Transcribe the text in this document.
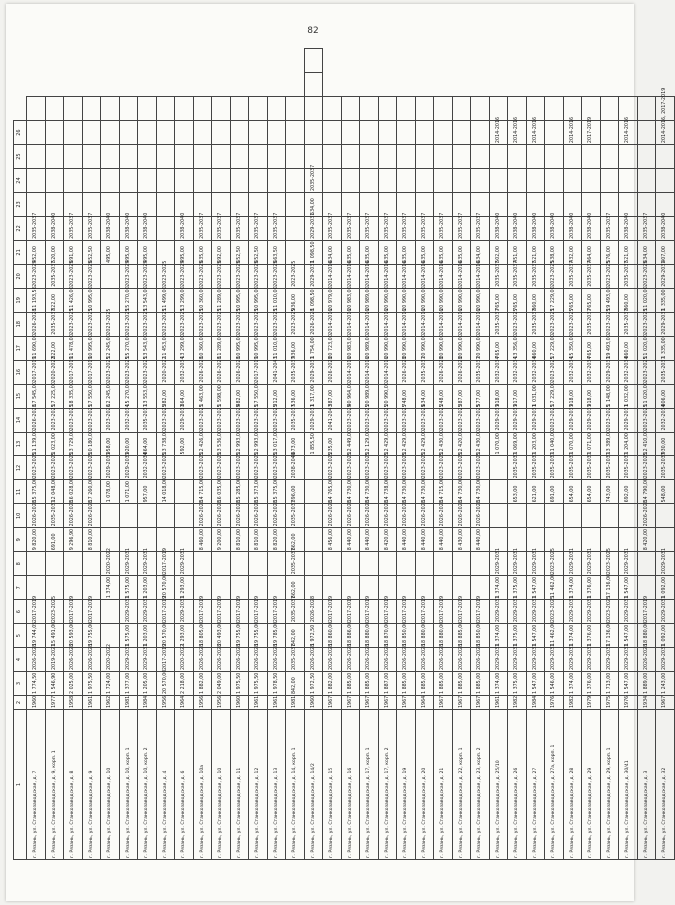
82
1	2	3	4	5	6	7	8	9	10	11	12	13	14	15	16	17	18	19	20	21	22	23	24	25	26			
г. Рязань, ул. Станкозаводская, д. 7	1960	1 774,50	2026-2028	19 744,05	2017-2019			9 820,00	2026-2028	15 375,00	2023-2025	11 139,00	2026-2028	17 545,00	2017-2019	11 690,00	2026-2028	11 193,56	2023-2025	452,00	2035-2037							
г. Рязань, ул. Станкозаводская, д. 9, корп. 1	1977	1 546,90	2019-2021	15 491,00	2023-2025			691,00	2035-2037	12 048,00	2023-2025	1 023,00	2023-2025	17 225,00	2020-2022	822,00	2035-2037	822,00	2035-2037	520,00	2038-2040							
г. Рязань, ул. Станкозаводская, д. 8	1958	2 025,00	2026-2028	20 593,00	2017-2019			9 296,90	2026-2028	16 028,00	2023-2025	13 729,00	2023-2025	18 335,00	2017-2019	11 478,00	2023-2025	11 426,00	2023-2025	691,00	2035-2037							
г. Рязань, ул. Станкозаводская, д. 9	1961	1 975,50	2026-2028	19 755,00	2017-2019			8 810,00	2026-2028	17 260,00	2023-2025	10 180,00	2023-2025	17 550,00	2017-2019	10 995,00	2023-2025	10 995,00	2023-2025	652,50	2035-2037							
г. Рязань, ул. Станкозаводская, д. 10	1962	1 724,00	2020-2022			1 374,00	2020-2022			1 078,00	2029-2031	958,00	2023-2026	12 245,00	2023-2025	12 245,00	2023-2025			495,00	2038-2040							
г. Рязань, ул. Станкозаводская, д. 10, корп. 1	1981	1 377,00	2029-2031	1 575,00	2029-2031	1 575,00	2029-2031			1 071,00	2029-2031	920,00	2032-2034	15 270,00	2023-2025	15 270,00	2023-2025	15 270,00	2023-2025	495,00	2038-2040							
г. Рязань, ул. Станкозаводская, д. 10, корп. 2	1984	1 205,00	2029-2031	1 203,00	2029-2031	1 203,00	2029-2031			957,00	2032-2034	864,00	2035-2037	13 553,00	2023-2025	13 543,00	2023-2025	13 543,00	2023-2025	495,00	2038-2040							
г. Рязань, ул. Станкозаводская, д. 4	1956	20 570,00	2017-2019	20 570,00	2017-2019	20 570,00	2017-2019			14 018,00	2023-2025	13 738,00	2023-2025	382,00	2020-2022	11 453,00	2023-2025	11 499,00	2023-2025									
г. Рязань, ул. Станкозаводская, д. 6	1964	2 218,00	2020-2022	1 293,00	2029-2031	1 293,00	2029-2031					592,00	2029-2031	864,00	2032-2034	13 299,00	2023-2025	13 299,00	2023-2025	495,00	2038-2040							
г. Рязань, ул. Станкозаводская, д. 10а	1956	1 882,00	2026-2028	18 805,00	2017-2019			8 460,00	2026-2028	14 715,00	2023-2025	12 426,00	2023-2025	1 463,00	2026-2028	10 360,00	2023-2025	10 360,00	2023-2025	635,00	2035-2037							
г. Рязань, ул. Станкозаводская, д. 10	1956	2 049,00	2026-2028	20 493,00	2017-2019			9 200,00	2026-2028	16 035,00	2023-2025	13 536,00	2023-2025	1 598,00	2026-2028	11 289,00	2023-2025	11 289,00	2023-2025	692,00	2035-2037							
г. Рязань, ул. Станкозаводская, д. 11	1960	1 975,50	2026-2028	19 755,00	2017-2019			8 810,00	2026-2028	15 285,00	2023-2025	12 993,00	2023-2025	482,00	2026-2028	10 995,00	2023-2025	10 995,00	2023-2025	652,50	2035-2037							
г. Рязань, ул. Станкозаводская, д. 12	1961	1 975,50	2026-2028	19 755,00	2017-2019			8 810,00	2026-2028	15 373,00	2023-2025	12 993,00	2023-2025	17 550,00	2017-2019	10 995,00	2023-2025	10 995,00	2023-2025	652,50	2035-2037							
г. Рязань, ул. Станкозаводская, д. 13	1961	1 978,50	2026-2028	19 785,00	2017-2019			8 820,00	2026-2028	15 375,00	2023-2025	13 017,00	2023-2025	312,00	2041-2043	11 010,00	2023-2025	11 010,00	2023-2025	663,50	2035-2037							
г. Рязань, ул. Станкозаводская, д. 14, корп. 1	1981	842,00	2035-2037	842,00	2035-2037	862,00	2035-2037	862,00	2035-2037	396,00	2038-2040	673,00	2035-2037	536,00	2035-2037	936,00	2023-2025	936,00	2023-2025									
г. Рязань, ул. Станкозаводская, д. 14/2	1960	1 972,50	2026-2028	1 972,50	2026-2028							1 855,50	2029-2031	1 317,00	2029-2031	1 754,00	2026-2028	1 098,50	2029-2031	1 098,50	2029-2031	634,00	2035-2037					
г. Рязань, ул. Станкозаводская, д. 15	1967	1 882,00	2026-2028	18 860,00	2017-2019			8 456,00	2026-2028	14 765,00	2023-2025	235,00	2041-2043	387,00	2026-2028	20 723,00	2014-2016	20 979,00	2014-2016	634,00	2035-2037							
г. Рязань, ул. Станкозаводская, д. 16	1967	1 885,00	2026-2028	18 886,00	2017-2019			8 440,00	2026-2028	14 730,00	2023-2025	12 449,00	2023-2025	40 964,00	2014-2016	20 983,00	2014-2016	20 983,00	2014-2016	635,00	2035-2037							
г. Рязань, ул. Станкозаводская, д. 17, корп. 1	1967	1 885,00	2026-2028	18 880,00	2017-2019			8 440,00	2026-2028	14 730,00	2023-2025	12 129,00	2023-2025	20 989,00	2014-2016	20 989,00	2014-2016	20 989,00	2014-2016	635,00	2035-2037							
г. Рязань, ул. Станкозаводская, д. 17, корп. 2	1967	1 887,00	2026-2028	18 870,00	2017-2019			8 420,00	2026-2028	14 738,00	2023-2025	12 429,00	2023-2025	20 990,00	2014-2016	20 990,00	2014-2016	20 990,00	2014-2016	635,00	2035-2037							
г. Рязань, ул. Станкозаводская, д. 19	1967	1 885,00	2026-2028	18 850,00	2017-2019			8 440,00	2026-2028	14 730,00	2023-2025	12 429,00	2023-2025	748,00	2026-2028	20 990,00	2014-2016	20 990,00	2014-2016	635,00	2035-2037							
г. Рязань, ул. Станкозаводская, д. 20	1964	1 885,00	2026-2028	18 880,00	2017-2019			8 440,00	2026-2028	14 730,00	2023-2025	12 429,00	2023-2025	634,00	2035-2037	20 990,00	2014-2016	20 990,00	2014-2016	635,00	2035-2037							
г. Рязань, ул. Станкозаводская, д. 21	1967	1 885,00	2026-2028	18 880,00	2017-2019			8 440,00	2026-2028	14 715,00	2023-2025	12 430,00	2023-2025	248,00	2026-2028	20 990,00	2014-2016	20 990,00	2014-2016	635,00	2035-2037							
г. Рязань, ул. Станкозаводская, д. 22, корп. 1	1967	1 885,00	2026-2028	18 885,00	2017-2019			8 430,00	2026-2028	14 730,00	2023-2025	12 420,00	2023-2025	387,00	2026-2028	20 990,00	2014-2016	20 990,00	2014-2016	635,00	2035-2037							
г. Рязань, ул. Станкозаводская, д. 23, корп. 2	1967	1 885,00	2026-2028	18 850,00	2017-2019			8 440,00	2026-2028	14 730,00	2023-2025	12 430,00	2023-2025	577,00	2035-2037	20 990,00	2014-2016	20 990,00	2014-2016	634,00	2035-2037							
г. Рязань, ул. Станкозаводская, д. 25/10	1961	1 374,00	2029-2031	1 374,00	2029-2031	1 374,00	2029-2031					1 070,00	2029-2031	918,00	2032-2034	765,00	2035-2037	765,00	2035-2037	502,00	2038-2040				2014-2016			
г. Рязань, ул. Станкозаводская, д. 26	1982	1 375,00	2029-2031	1 375,00	2029-2031	1 375,00	2029-2031			653,00	2035-2037	1 069,00	2029-2031	917,00	2032-2034	13 356,00	2023-2025	765,00	2035-2037	451,00	2038-2040				2014-2016			
г. Рязань, ул. Станкозаводская, д. 27	1984	1 547,00	2029-2031	1 547,00	2029-2031	1 547,00	2029-2031			621,00	2035-2037	1 203,00	2029-2031	1 031,00	2032-2034	860,00	2035-2037	860,00	2035-2037	521,00	2038-2040				2014-2016			
г. Рязань, ул. Станкозаводская, д. 27а, корп. 1	1976	1 546,00	2029-2031	11 462,00	2023-2025	11 462,00	2023-2025			691,00	2035-2037	11 040,00	2023-2025	17 229,00	2023-2025	17 229,00	2023-2025	17 229,00	2023-2025	538,00	2038-2040							
г. Рязань, ул. Станкозаводская, д. 28	1982	1 374,00	2029-2031	1 374,00	2029-2031	1 374,00	2029-2031			654,00	2035-2037	1 070,00	2029-2031	918,00	2032-2034	15 350,00	2023-2025	765,00	2035-2037	432,00	2038-2040				2014-2016			
г. Рязань, ул. Станкозаводская, д. 29	1979	1 376,00	2029-2031	1 376,00	2029-2031	1 376,00	2029-2031			654,00	2035-2037	1 071,00	2029-2031	918,00	2032-2034	765,00	2035-2037	765,00	2035-2037	464,00	2038-2040				2017-2019			
г. Рязань, ул. Станкозаводская, д. 29, корп. 1	1975	1 713,00	2029-2031	17 136,00	2023-2025	17 136,00	2023-2025			743,00	2035-2037	13 389,00	2023-2025	1 148,00	2029-2031	19 493,00	2023-2025	19 493,00	2023-2025	576,00	2035-2037							
г. Рязань, ул. Станкозаводская, д. 30/41	1976	1 547,00	2029-2031	1 547,00	2029-2031	1 547,00	2029-2031			692,00	2035-2037	1 204,00	2029-2031	1 032,00	2032-2034	860,00	2035-2037	860,00	2035-2037	521,00	2038-2040				2014-2016			
г. Рязань, ул. Станкозаводская, д. 3	1934	1 889,00	2026-2028	18 880,00	2017-2019			8 420,00	2026-2028	14 790,00	2023-2025	12 410,00	2023-2025	11 020,00	2023-2025	11 020,00	2023-2025	11 020,00	2023-2025	634,00	2035-2037							
г. Рязань, ул. Станкозаводская, д. 32	1967	1 243,00	2029-2031	1 092,00	2029-2031	1 092,00	2029-2031			548,00	2035-2037	930,00	2032-2034	806,00	2035-2037	1 335,00	2029-2031	1 335,00	2029-2031	407,00	2038-2040				2014-2016, 2017-2019			
